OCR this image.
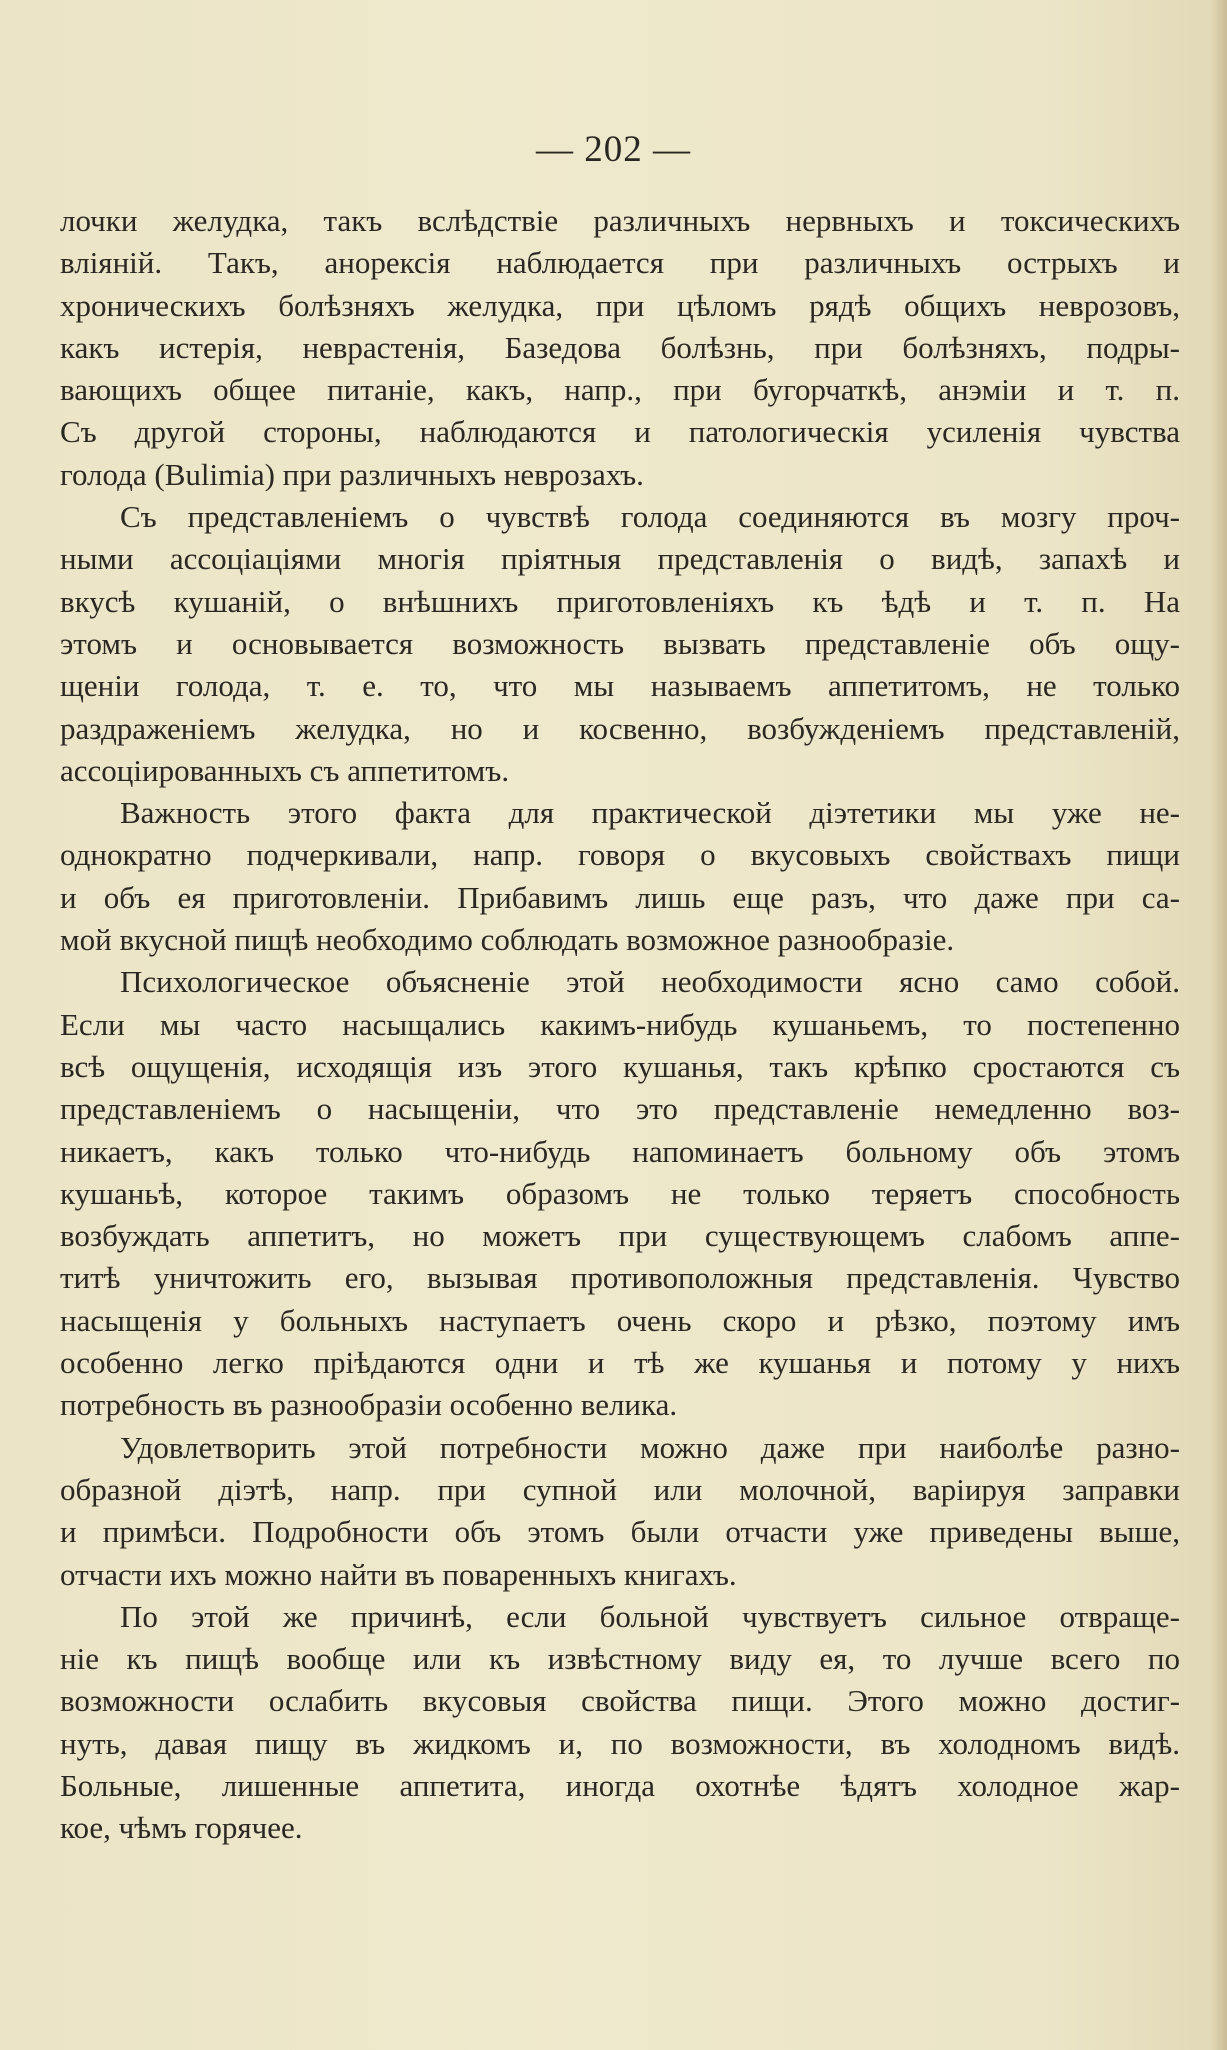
— 202 —
лочки желудка, такъ вслѣдствіе различныхъ нервныхъ и токсическихъ
вліяній. Такъ, анорексія наблюдается при различныхъ острыхъ и
хроническихъ болѣзняхъ желудка, при цѣломъ рядѣ общихъ неврозовъ,
какъ истерія, неврастенія, Базедова болѣзнь, при болѣзняхъ, подры-
вающихъ общее питаніе, какъ, напр., при бугорчаткѣ, анэміи и т. п.
Съ другой стороны, наблюдаются и патологическія усиленія чувства
голода (Bulimia) при различныхъ неврозахъ.
Съ представленіемъ о чувствѣ голода соединяются въ мозгу проч-
ными ассоціаціями многія пріятныя представленія о видѣ, запахѣ и
вкусѣ кушаній, о внѣшнихъ приготовленіяхъ къ ѣдѣ и т. п. На
этомъ и основывается возможность вызвать представленіе объ ощу-
щеніи голода, т. е. то, что мы называемъ аппетитомъ, не только
раздраженіемъ желудка, но и косвенно, возбужденіемъ представленій,
ассоціированныхъ съ аппетитомъ.
Важность этого факта для практической діэтетики мы уже не-
однократно подчеркивали, напр. говоря о вкусовыхъ свойствахъ пищи
и объ ея приготовленіи. Прибавимъ лишь еще разъ, что даже при са-
мой вкусной пищѣ необходимо соблюдать возможное разнообразіе.
Психологическое объясненіе этой необходимости ясно само собой.
Если мы часто насыщались какимъ-нибудь кушаньемъ, то постепенно
всѣ ощущенія, исходящія изъ этого кушанья, такъ крѣпко сростаются съ
представленіемъ о насыщеніи, что это представленіе немедленно воз-
никаетъ, какъ только что-нибудь напоминаетъ больному объ этомъ
кушаньѣ, которое такимъ образомъ не только теряетъ способность
возбуждать аппетитъ, но можетъ при существующемъ слабомъ аппе-
титѣ уничтожить его, вызывая противоположныя представленія. Чувство
насыщенія у больныхъ наступаетъ очень скоро и рѣзко, поэтому имъ
особенно легко пріѣдаются одни и тѣ же кушанья и потому у нихъ
потребность въ разнообразіи особенно велика.
Удовлетворить этой потребности можно даже при наиболѣе разно-
образной діэтѣ, напр. при супной или молочной, варіируя заправки
и примѣси. Подробности объ этомъ были отчасти уже приведены выше,
отчасти ихъ можно найти въ поваренныхъ книгахъ.
По этой же причинѣ, если больной чувствуетъ сильное отвраще-
ніе къ пищѣ вообще или къ извѣстному виду ея, то лучше всего по
возможности ослабить вкусовыя свойства пищи. Этого можно достиг-
нуть, давая пищу въ жидкомъ и, по возможности, въ холодномъ видѣ.
Больные, лишенные аппетита, иногда охотнѣе ѣдятъ холодное жар-
кое, чѣмъ горячее.
